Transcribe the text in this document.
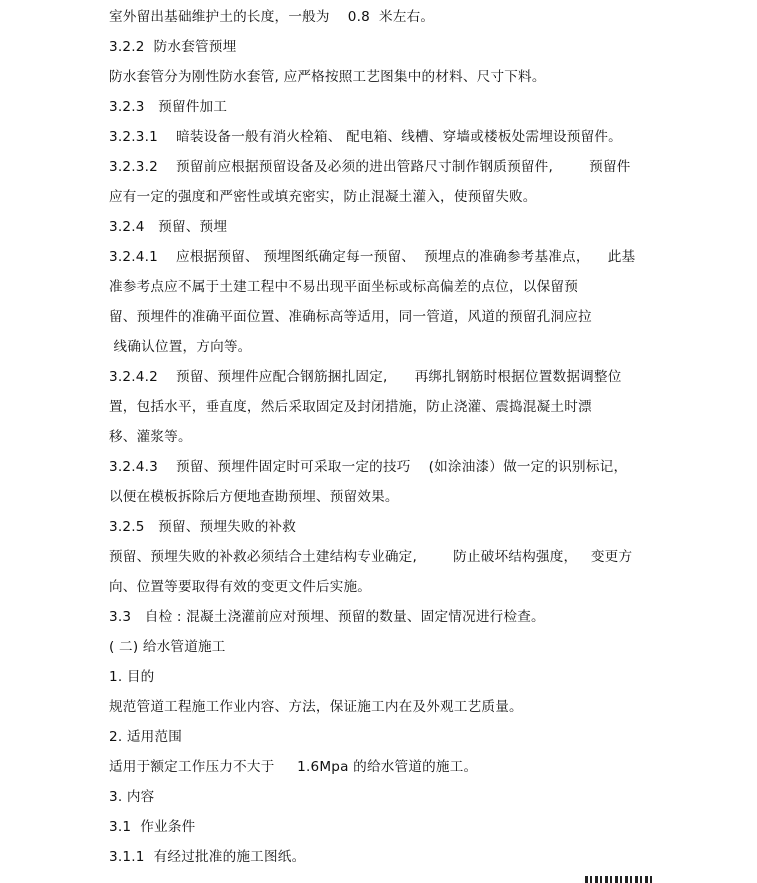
室外留出基础维护土的长度，一般为    0.8  米左右。
3.2.2  防水套管预埋
防水套管分为刚性防水套管, 应严格按照工艺图集中的材料、尺寸下料。
3.2.3   预留件加工
3.2.3.1    暗装设备一般有消火栓箱、 配电箱、线槽、穿墙或楼板处需埋设预留件。
3.2.3.2    预留前应根据预留设备及必须的进出管路尺寸制作钢质预留件,        预留件
应有一定的强度和严密性或填充密实，防止混凝土灌入，使预留失败。
3.2.4   预留、预埋
3.2.4.1    应根据预留、 预埋图纸确定每一预留、  预埋点的准确参考基准点，    此基
准参考点应不属于土建工程中不易出现平面坐标或标高偏差的点位，以保留预
留、预埋件的准确平面位置、准确标高等适用，同一管道，风道的预留孔洞应拉
线确认位置，方向等。
3.2.4.2    预留、预埋件应配合钢筋捆扎固定,      再绑扎钢筋时根据位置数据调整位
置，包括水平，垂直度，然后采取固定及封闭措施，防止浇灌、震捣混凝土时漂
移、灌浆等。
3.2.4.3    预留、预埋件固定时可采取一定的技巧    (如涂油漆）做一定的识别标记，
以便在模板拆除后方便地查勘预埋、预留效果。
3.2.5   预留、预埋失败的补救
预留、预埋失败的补救必须结合土建结构专业确定,        防止破坏结构强度，   变更方
向、位置等要取得有效的变更文件后实施。
3.3   自检 : 混凝土浇灌前应对预埋、预留的数量、固定情况进行检查。
( 二) 给水管道施工
1. 目的
规范管道工程施工作业内容、方法，保证施工内在及外观工艺质量。
2. 适用范围
适用于额定工作压力不大于     1.6Mpa 的给水管道的施工。
3. 内容
3.1  作业条件
3.1.1  有经过批准的施工图纸。
